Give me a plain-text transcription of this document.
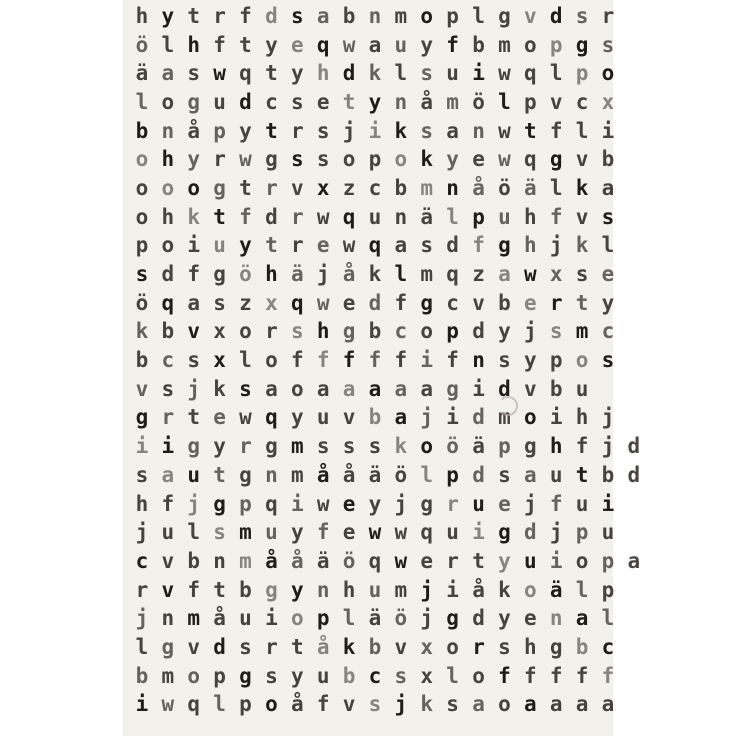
h y t r f d s a b n m o p l g v d s r
ö l h f t y e q w a u y f b m o p g s
ä a s w q t y h d k l s u i w q l p o
l o g u d c s e t y n å m ö l p v c x
b n å p y t r s j i k s a n w t f l i
o h y r w g s s o p o k y e w q g v b
o o o g t r v x z c b m n å ö ä l k a
o h k t f d r w q u n ä l p u h f v s
p o i u y t r e w q a s d f g h j k l
s d f g ö h ä j å k l m q z a w x s e
ö q a s z x q w e d f g c v b e r t y
k b v x o r s h g b c o p d y j s m c
b c s x l o f f f f f i f n s y p o s
v s j k s a o a a a a a g i d v b u
g r t e w q y u v b a j i d m o i h j
i i g y r g m s s s k o ö ä p g h f j d
s a u t g n m å å ä ö l p d s a u t b d
h f j g p q i w e y j g r u e j f u i
j u l s m u y f e w w q u i g d j p u
c v b n m å å ä ö q w e r t y u i o p a
r v f t b g y n h u m j i å k o ä l p
j n m å u i o p l ä ö j g d y e n a l
l g v d s r t å k b v x o r s h g b c
b m o p g s y u b c s x l o f f f f f
i w q l p o å f v s j k s a o a a a a
